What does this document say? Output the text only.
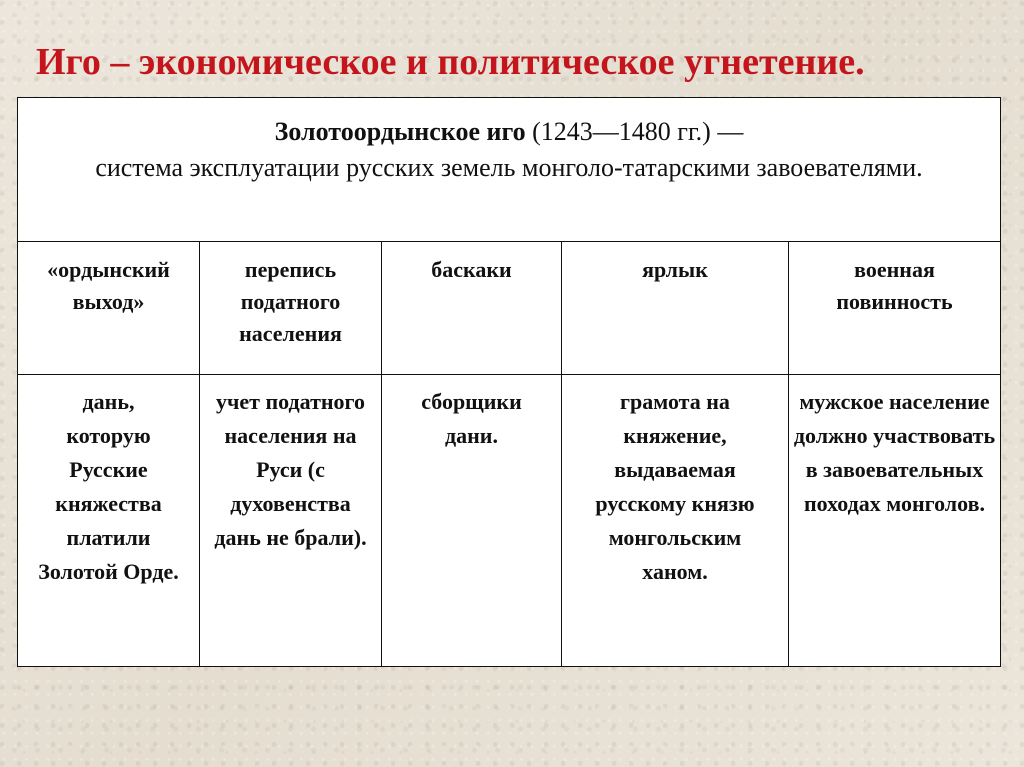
Иго – экономическое и политическое угнетение.
Золотоордынское иго (1243—1480 гг.) —
система эксплуатации русских земель монголо-татарскими завоевателями.				

«ордынский выход»	перепись податного населения	баскаки	ярлык	военная повинность

дань, которую Русские княжества платили Золотой Орде.	учет податного населения на Руси (с духовенства дань не брали).	сборщики дани.	грамота на княжение, выдаваемая русскому князю монгольским ханом.	мужское население должно участвовать в завоевательных походах монголов.
